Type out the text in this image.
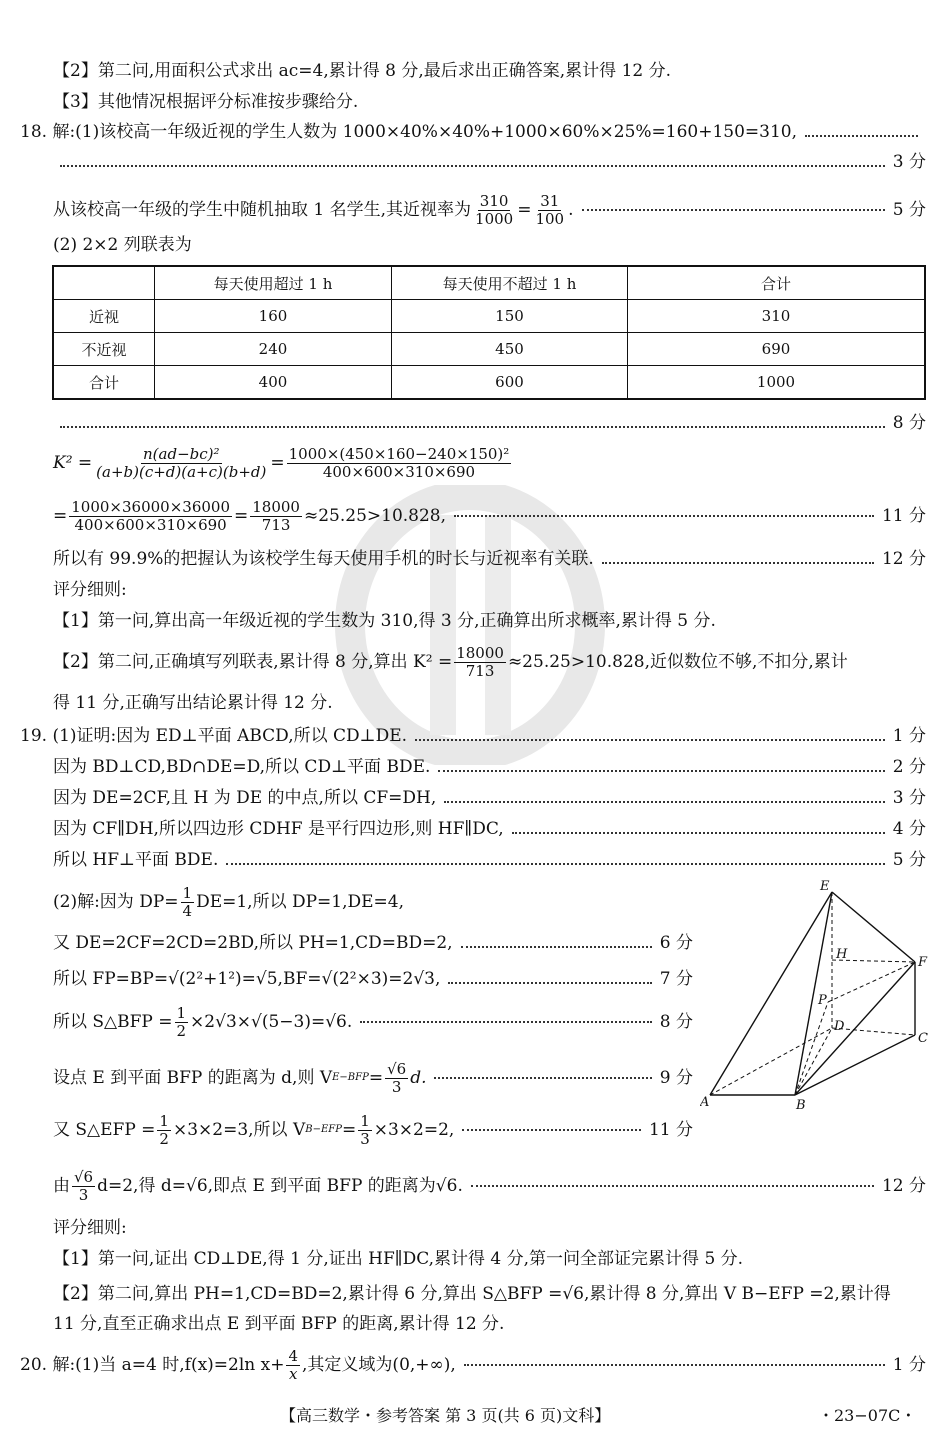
【2】第二问,用面积公式求出 ac=4,累计得 8 分,最后求出正确答案,累计得 12 分.
【3】其他情况根据评分标准按步骤给分.
18. 解:(1)该校高一年级近视的学生人数为 1000×40%×40%+1000×60%×25%=160+150=310,
3 分
从该校高一年级的学生中随机抽取 1 名学生,其近视率为 $\frac{310}{1000} = \frac{31}{100}$ .	5 分
(2) 2×2 列联表为
	每天使用超过 1 h	每天使用不超过 1 h	合计
近视	160	150	310
不近视	240	450	690
合计	400	600	1000
8 分
$K^2 = \frac{\text{n(ad−bc)²}}{(a+b)(c+d)(a+c)(b+d)} = \frac{\text{1000×(450×160−240×150)²}}{400\times 600\times 310\times 690}$
= $\frac{1000\times 36000\times 36000}{400\times 600\times 310\times 690} = \frac{18000}{713} \approx 25.25>10.828$,	11 分
所以有 99.9%的把握认为该校学生每天使用手机的时长与近视率有关联.	12 分
评分细则:
【1】第一问,算出高一年级近视的学生数为 310,得 3 分,正确算出所求概率,累计得 5 分.
【2】第二问,正确填写列联表,累计得 8 分,算出 $K^2 = \frac{18000}{713} \approx 25.25>10.828$,近似数位不够,不扣分,累计
得 11 分,正确写出结论累计得 12 分.
19. (1)证明:因为 ED⊥平面 ABCD,所以 CD⊥DE.	1 分
因为 BD⊥CD,BD∩DE=D,所以 CD⊥平面 BDE.	2 分
因为 DE=2CF,且 H 为 DE 的中点,所以 CF=DH,	3 分
因为 CF∥DH,所以四边形 CDHF 是平行四边形,则 HF∥DC,	4 分
所以 HF⊥平面 BDE.	5 分
(2)解:因为 $DP= \frac{1}{4} DE=1$,所以 DP=1,DE=4,
又 DE=2CF=2CD=2BD,所以 PH=1,CD=BD=2,	6 分
所以 FP=BP=√(2²+1²)=√5,BF=√(2²×3)=2√3,	7 分
所以 S△BFP = $\frac{1}{2} \times 2√3\times√(5-3)=√6$.	8 分
设点 E 到平面 BFP 的距离为 d,则 V $E-BFP = \frac{√6}{3} d$.	9 分
又 S△EFP = $\frac{1}{2} \times 3\times 2=3$,所以 V $B-EFP = \frac{1}{3} \times 3\times 2=2$,	11 分
由 $\frac{√6}{3} d=2$,得 d=√6,即点 E 到平面 BFP 的距离为√6.	12 分
评分细则:
【1】第一问,证出 CD⊥DE,得 1 分,证出 HF∥DC,累计得 4 分,第一问全部证完累计得 5 分.
【2】第二问,算出 PH=1,CD=BD=2,累计得 6 分,算出 S△BFP =√6,累计得 8 分,算出 V B−EFP =2,累计得
11 分,直至正确求出点 E 到平面 BFP 的距离,累计得 12 分.
E
H
F
P
D
C
A	B
20. 解:(1)当 a=4 时,f(x)=2ln $x+ \frac{4}{x}$ ,其定义域为(0,+∞),	1 分
【高三数学・参考答案 第 3 页(共 6 页)文科】	・23−07C・
